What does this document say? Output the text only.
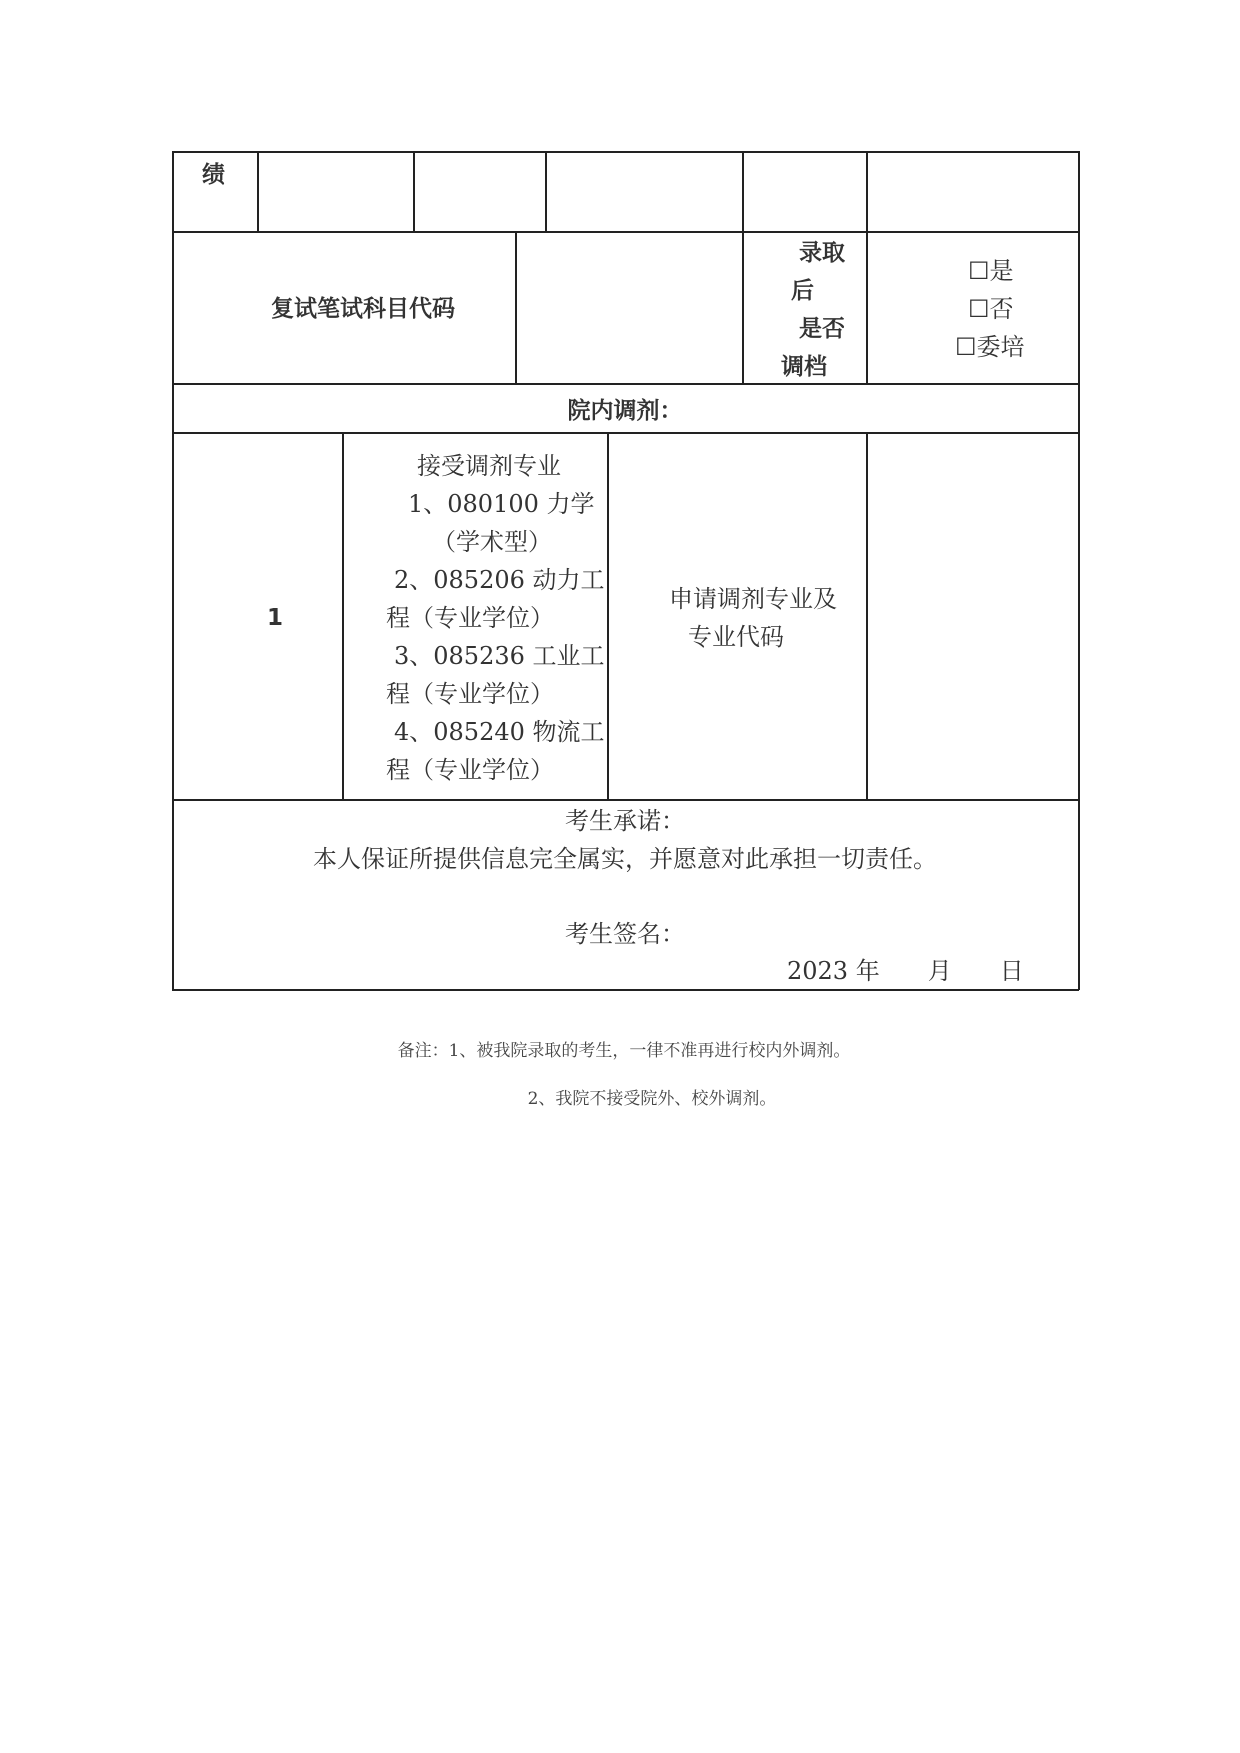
绩
复试笔试科目代码
录取
后
是否
调档
☐是
☐否
☐委培
院内调剂：
1
接受调剂专业
1、080100 力学
（学术型）
2、085206 动力工
程（专业学位）
3、085236 工业工
程（专业学位）
4、085240 物流工
程（专业学位）
申请调剂专业及
专业代码
考生承诺：
本人保证所提供信息完全属实，并愿意对此承担一切责任。
考生签名：
2023 年　　月　　日
备注：1、被我院录取的考生，一律不准再进行校内外调剂。
2、我院不接受院外、校外调剂。
